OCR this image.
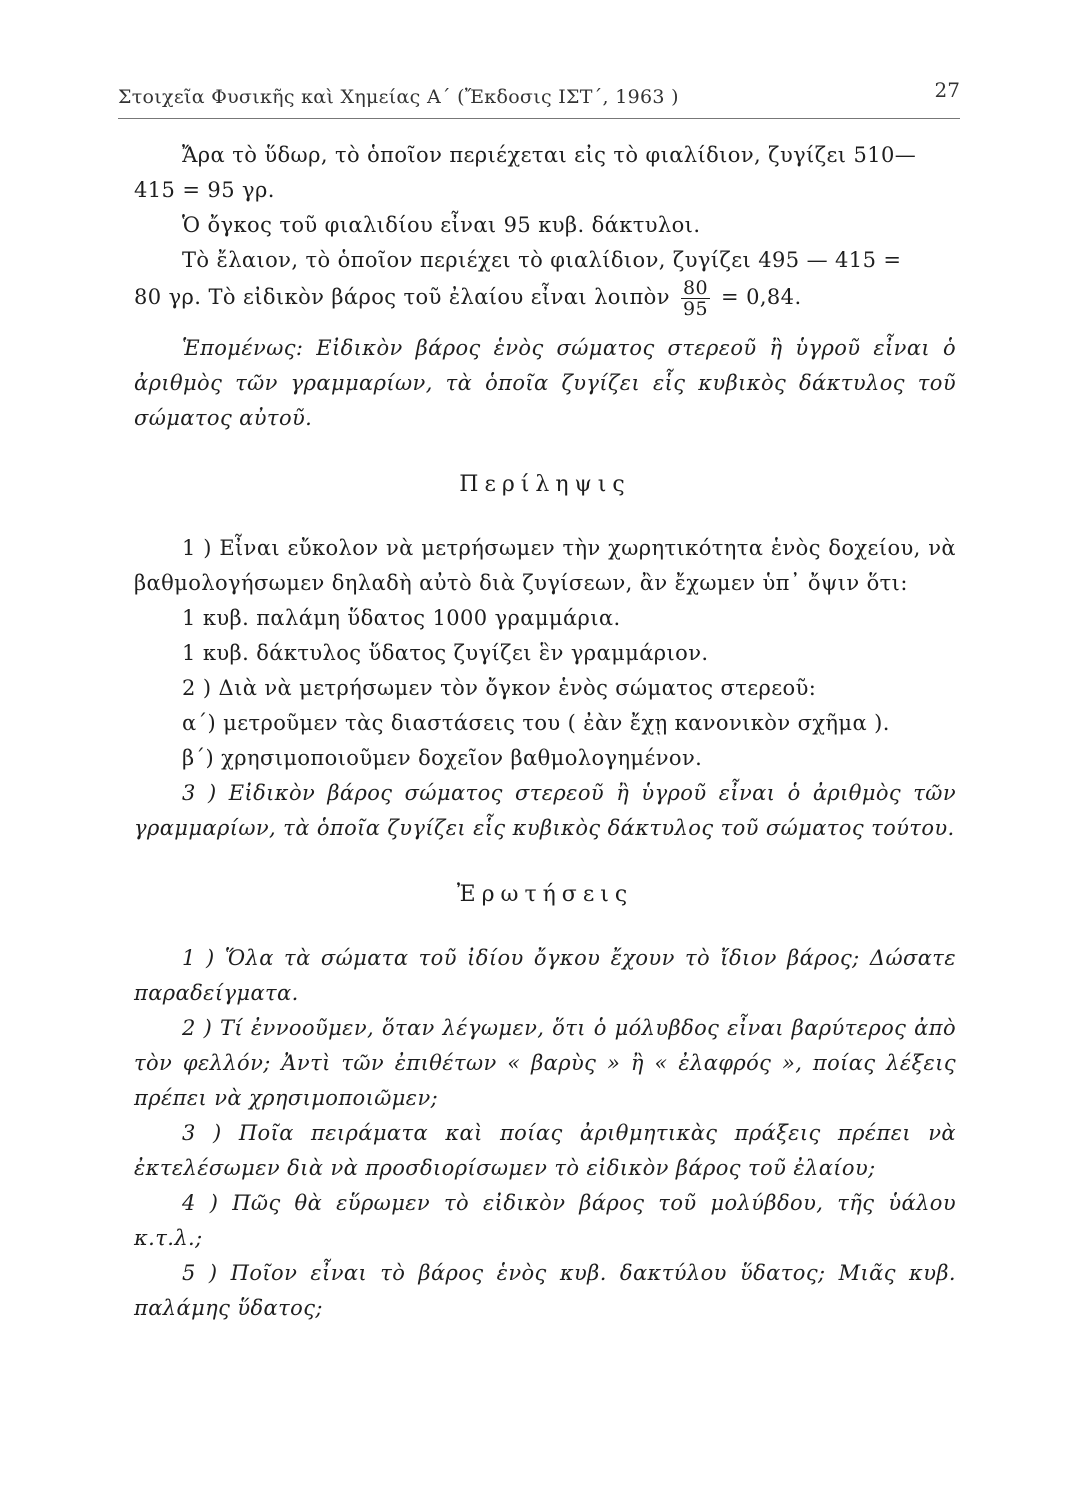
Στοιχεῖα Φυσικῆς καὶ Χημείας Α΄ (Ἔκδοσις ΙΣΤ΄, 1963 )	27

Ἄρα τὸ ὕδωρ, τὸ ὁποῖον περιέχεται εἰς τὸ φιαλίδιον, ζυγίζει 510—

415 = 95 γρ.

Ὁ ὄγκος τοῦ φιαλιδίου εἶναι 95 κυβ. δάκτυλοι.

Τὸ ἔλαιον, τὸ ὁποῖον περιέχει τὸ φιαλίδιον, ζυγίζει 495 — 415 =

80 γρ. Τὸ εἰδικὸν βάρος τοῦ ἐλαίου εἶναι λοιπὸν $\frac{80}{95} = 0,84$.

Ἑπομένως: Εἰδικὸν βάρος ἑνὸς σώματος στερεοῦ ἢ ὑγροῦ εἶναι ὁ ἀριθμὸς τῶν γραμμαρίων, τὰ ὁποῖα ζυγίζει εἷς κυβικὸς δάκτυλος τοῦ σώματος αὐτοῦ.

Περίληψις

1 ) Εἶναι εὔκολον νὰ μετρήσωμεν τὴν χωρητικότητα ἑνὸς δοχείου, νὰ βαθμολογήσωμεν δηλαδὴ αὐτὸ διὰ ζυγίσεων, ἂν ἔχωμεν ὑπ᾿ ὄψιν ὅτι:

1 κυβ. παλάμη ὕδατος 1000 γραμμάρια.

1 κυβ. δάκτυλος ὕδατος ζυγίζει ἓν γραμμάριον.

2 ) Διὰ νὰ μετρήσωμεν τὸν ὄγκον ἑνὸς σώματος στερεοῦ:

α΄) μετροῦμεν τὰς διαστάσεις του ( ἐὰν ἔχῃ κανονικὸν σχῆμα ).

β΄) χρησιμοποιοῦμεν δοχεῖον βαθμολογημένον.

3 ) Εἰδικὸν βάρος σώματος στερεοῦ ἢ ὑγροῦ εἶναι ὁ ἀριθμὸς τῶν γραμμαρίων, τὰ ὁποῖα ζυγίζει εἷς κυβικὸς δάκτυλος τοῦ σώματος τούτου.

Ἐρωτήσεις

1 ) Ὅλα τὰ σώματα τοῦ ἰδίου ὄγκου ἔχουν τὸ ἴδιον βάρος; Δώσατε παραδείγματα.

2 ) Τί ἐννοοῦμεν, ὅταν λέγωμεν, ὅτι ὁ μόλυβδος εἶναι βαρύτερος ἀπὸ τὸν φελλόν; Ἀντὶ τῶν ἐπιθέτων « βαρὺς » ἢ « ἐλαφρός », ποίας λέξεις πρέπει νὰ χρησιμοποιῶμεν;

3 ) Ποῖα πειράματα καὶ ποίας ἀριθμητικὰς πράξεις πρέπει νὰ ἐκτελέσωμεν διὰ νὰ προσδιορίσωμεν τὸ εἰδικὸν βάρος τοῦ ἐλαίου;

4 ) Πῶς θὰ εὕρωμεν τὸ εἰδικὸν βάρος τοῦ μολύβδου, τῆς ὑάλου κ.τ.λ.;

5 ) Ποῖον εἶναι τὸ βάρος ἑνὸς κυβ. δακτύλου ὕδατος; Μιᾶς κυβ. παλάμης ὕδατος;
